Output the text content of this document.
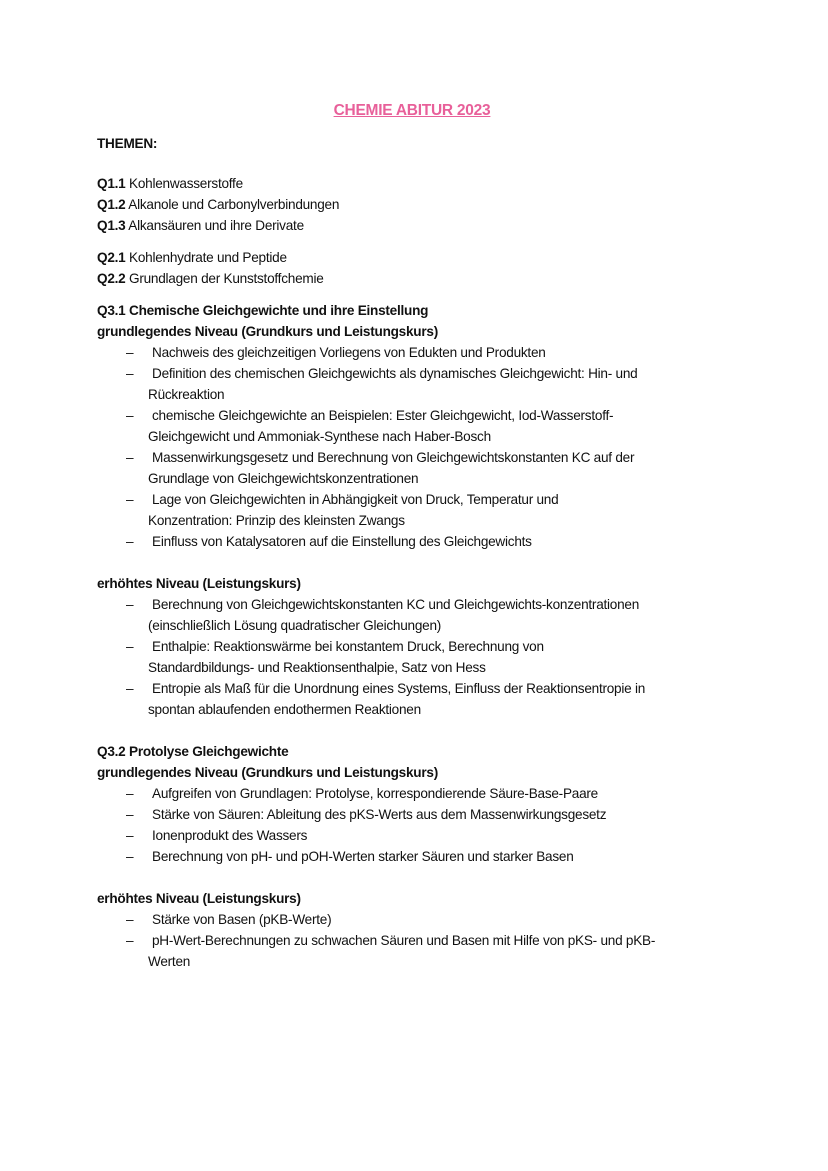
CHEMIE ABITUR 2023
THEMEN:
Q1.1 Kohlenwasserstoffe
Q1.2 Alkanole und Carbonylverbindungen
Q1.3 Alkansäuren und ihre Derivate
Q2.1 Kohlenhydrate und Peptide
Q2.2 Grundlagen der Kunststoffchemie
Q3.1 Chemische Gleichgewichte und ihre Einstellung
grundlegendes Niveau (Grundkurs und Leistungskurs)
– Nachweis des gleichzeitigen Vorliegens von Edukten und Produkten
– Definition des chemischen Gleichgewichts als dynamisches Gleichgewicht: Hin- und
Rückreaktion
– chemische Gleichgewichte an Beispielen: Ester Gleichgewicht, Iod-Wasserstoff-
Gleichgewicht und Ammoniak-Synthese nach Haber-Bosch
– Massenwirkungsgesetz und Berechnung von Gleichgewichtskonstanten KC auf der
Grundlage von Gleichgewichtskonzentrationen
– Lage von Gleichgewichten in Abhängigkeit von Druck, Temperatur und
Konzentration: Prinzip des kleinsten Zwangs
– Einfluss von Katalysatoren auf die Einstellung des Gleichgewichts
erhöhtes Niveau (Leistungskurs)
– Berechnung von Gleichgewichtskonstanten KC und Gleichgewichts-konzentrationen
(einschließlich Lösung quadratischer Gleichungen)
– Enthalpie: Reaktionswärme bei konstantem Druck, Berechnung von
Standardbildungs- und Reaktionsenthalpie, Satz von Hess
– Entropie als Maß für die Unordnung eines Systems, Einfluss der Reaktionsentropie in
spontan ablaufenden endothermen Reaktionen
Q3.2 Protolyse Gleichgewichte
grundlegendes Niveau (Grundkurs und Leistungskurs)
– Aufgreifen von Grundlagen: Protolyse, korrespondierende Säure-Base-Paare
– Stärke von Säuren: Ableitung des pKS-Werts aus dem Massenwirkungsgesetz
– Ionenprodukt des Wassers
– Berechnung von pH- und pOH-Werten starker Säuren und starker Basen
erhöhtes Niveau (Leistungskurs)
– Stärke von Basen (pKB-Werte)
– pH-Wert-Berechnungen zu schwachen Säuren und Basen mit Hilfe von pKS- und pKB-
Werten
